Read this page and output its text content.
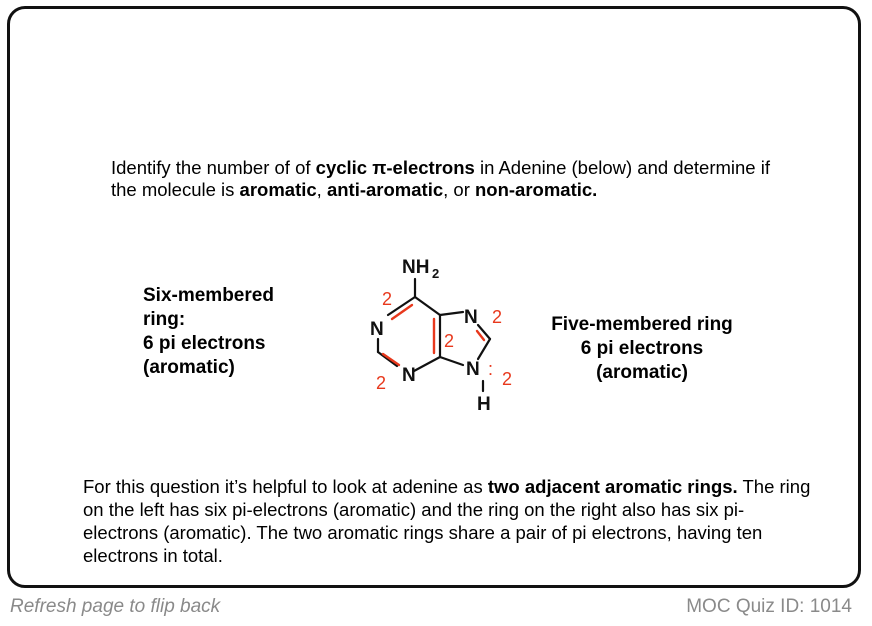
Identify the number of of cyclic π-electrons in Adenine (below) and determine if the molecule is aromatic, anti-aromatic, or non-aromatic.

Six-membered ring:
6 pi electrons
(aromatic)
NH 2
N
N
N
N
H
2
2
2
2
: 2
Five-membered ring
6 pi electrons
(aromatic)

For this question it’s helpful to look at adenine as two adjacent aromatic rings. The ring on the left has six pi-electrons (aromatic) and the ring on the right also has six pi-electrons (aromatic). The two aromatic rings share a pair of pi electrons, having ten electrons in total.

Refresh page to flip back	MOC Quiz ID: 1014
